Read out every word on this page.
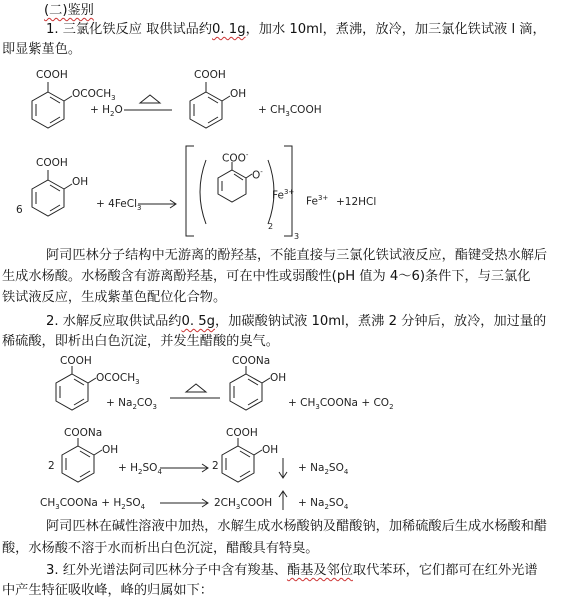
(二)鉴别
1. 三氯化铁反应 取供试品约0. 1g，加水 10ml，煮沸，放冷，加三氯化铁试液 l 滴，
即显紫堇色。
阿司匹林分子结构中无游离的酚羟基，不能直接与三氯化铁试液反应，酯键受热水解后
生成水杨酸。水杨酸含有游离酚羟基，可在中性或弱酸性(pH 值为 4～6)条件下，与三氯化
铁试液反应，生成紫堇色配位化合物。
2. 水解反应取供试品约0. 5g，加碳酸钠试液 10ml，煮沸 2 分钟后，放冷，加过量的
稀硫酸，即析出白色沉淀，并发生醋酸的臭气。
阿司匹林在碱性溶液中加热，水解生成水杨酸钠及醋酸钠，加稀硫酸后生成水杨酸和醋
酸，水杨酸不溶于水而析出白色沉淀，醋酸具有特臭。
3. 红外光谱法阿司匹林分子中含有羧基、酯基及邻位取代苯环，它们都可在红外光谱
中产生特征吸收峰，峰的归属如下：
COOH
$OCOCH_3$
+ $H_2O$
COOH
OH
+ $CH_3COOH$
COOH
OH
6	+ 4FeCl$_3$
COO-
O-
2
$Fe^{3+}$
3
$Fe^{3+} +12HCl$
COOH
$OCOCH_3$
+ $Na_2CO_3$
COONa
OH
+ $CH_3COONa + CO_2$
COONa
OH
2	+ $H_2SO_4$
2
COOH
OH
+ $Na_2SO_4$
$CH_3COONa + H_2SO_4$	$2CH_3COOH + Na_2SO_4$
